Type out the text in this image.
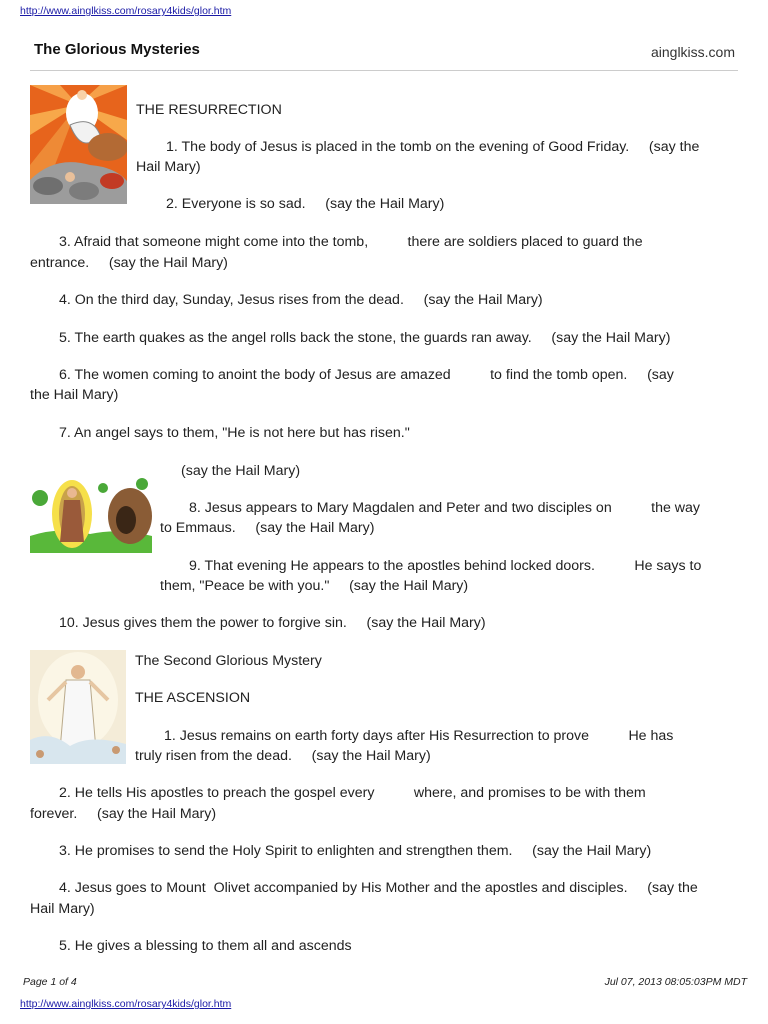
http://www.ainglkiss.com/rosary4kids/glor.htm
The Glorious Mysteries	ainglkiss.com
THE RESURRECTION
1. The body of Jesus is placed in the tomb on the evening of Good Friday.     (say the
Hail Mary)
2. Everyone is so sad.     (say the Hail Mary)
3. Afraid that someone might come into the tomb,          there are soldiers placed to guard the
entrance.     (say the Hail Mary)
4. On the third day, Sunday, Jesus rises from the dead.     (say the Hail Mary)
5. The earth quakes as the angel rolls back the stone, the guards ran away.     (say the Hail Mary)
6. The women coming to anoint the body of Jesus are amazed          to find the tomb open.     (say
the Hail Mary)
7. An angel says to them, "He is not here but has risen."
(say the Hail Mary)
8. Jesus appears to Mary Magdalen and Peter and two disciples on          the way
to Emmaus.     (say the Hail Mary)
9. That evening He appears to the apostles behind locked doors.          He says to
them, "Peace be with you."     (say the Hail Mary)
10. Jesus gives them the power to forgive sin.     (say the Hail Mary)
The Second Glorious Mystery
THE ASCENSION
1. Jesus remains on earth forty days after His Resurrection to prove          He has
truly risen from the dead.     (say the Hail Mary)
2. He tells His apostles to preach the gospel every          where, and promises to be with them
forever.     (say the Hail Mary)
3. He promises to send the Holy Spirit to enlighten and strengthen them.     (say the Hail Mary)
4. Jesus goes to Mount  Olivet accompanied by His Mother and the apostles and disciples.     (say the
Hail Mary)
5. He gives a blessing to them all and ascends
Page 1 of 4	Jul 07, 2013 08:05:03PM MDT
http://www.ainglkiss.com/rosary4kids/glor.htm
